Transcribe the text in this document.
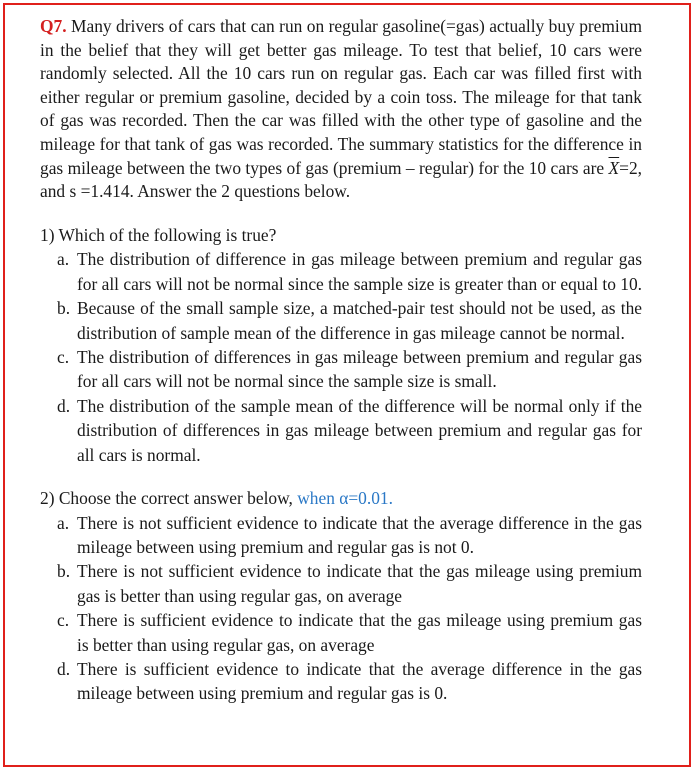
Q7. Many drivers of cars that can run on regular gasoline(=gas) actually buy premium in the belief that they will get better gas mileage. To test that belief, 10 cars were randomly selected. All the 10 cars run on regular gas. Each car was filled first with either regular or premium gasoline, decided by a coin toss. The mileage for that tank of gas was recorded. Then the car was filled with the other type of gasoline and the mileage for that tank of gas was recorded. The summary statistics for the difference in gas mileage between the two types of gas (premium – regular) for the 10 cars are $\overline{X}=2$, and s =1.414. Answer the 2 questions below.

1) Which of the following is true?

a. The distribution of difference in gas mileage between premium and regular gas for all cars will not be normal since the sample size is greater than or equal to 10.
b. Because of the small sample size, a matched-pair test should not be used, as the distribution of sample mean of the difference in gas mileage cannot be normal.
c. The distribution of differences in gas mileage between premium and regular gas for all cars will not be normal since the sample size is small.
d. The distribution of the sample mean of the difference will be normal only if the distribution of differences in gas mileage between premium and regular gas for all cars is normal.

2) Choose the correct answer below, when α=0.01.

a. There is not sufficient evidence to indicate that the average difference in the gas mileage between using premium and regular gas is not 0.
b. There is not sufficient evidence to indicate that the gas mileage using premium gas is better than using regular gas, on average
c. There is sufficient evidence to indicate that the gas mileage using premium gas is better than using regular gas, on average
d. There is sufficient evidence to indicate that the average difference in the gas mileage between using premium and regular gas is 0.
